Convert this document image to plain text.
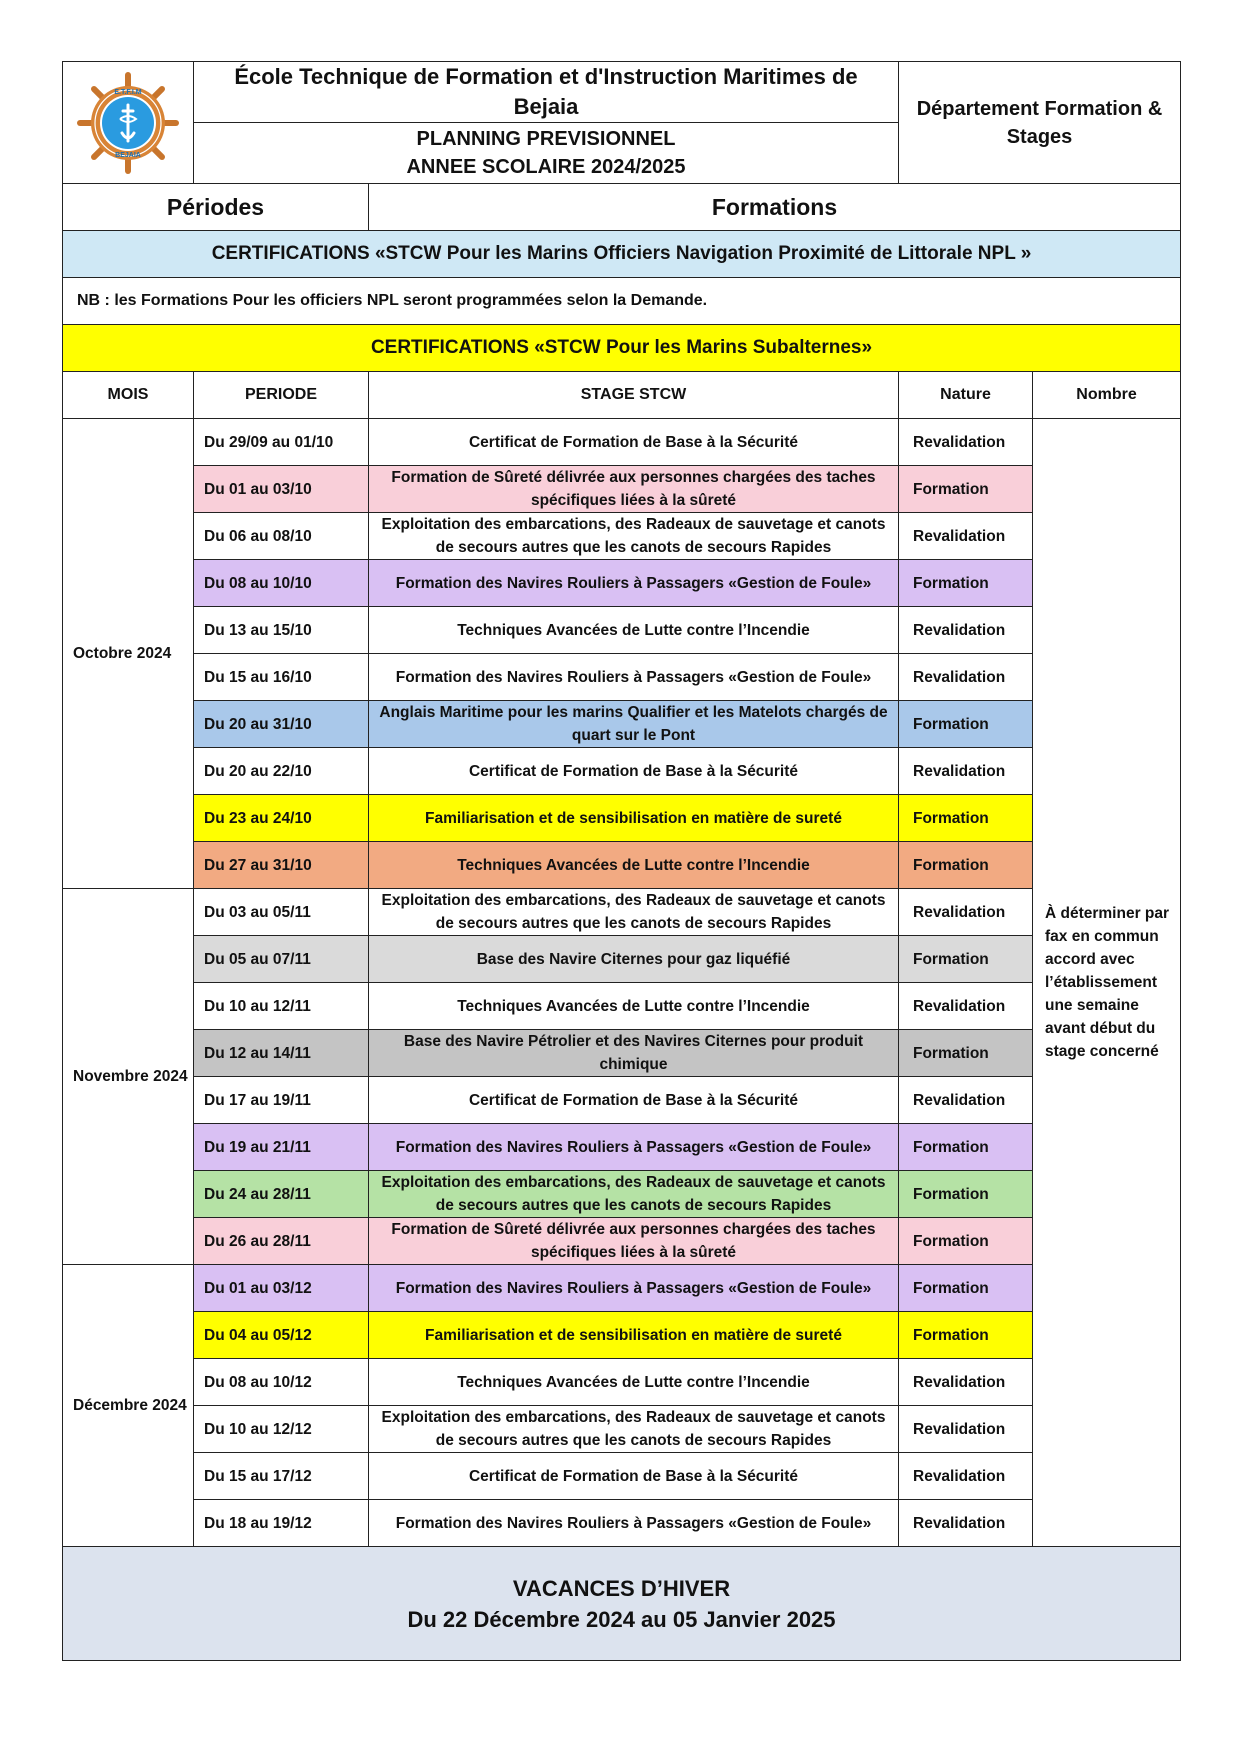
E.T.F.I.M
BEJAIA

École Technique de Formation et d'Instruction Maritimes de
Bejaia	Département Formation &
Stages

PLANNING PREVISIONNEL
ANNEE SCOLAIRE 2024/2025
Périodes		Formations		
CERTIFICATIONS «STCW Pour les Marins Officiers Navigation Proximité de Littorale NPL »				
NB : les Formations Pour les officiers NPL seront programmées selon la Demande.				
CERTIFICATIONS «STCW Pour les Marins Subalternes»				
MOIS	PERIODE	STAGE STCW	Nature	Nombre
Octobre 2024	Du 29/09 au 01/10	Certificat de Formation de Base à la Sécurité	Revalidation	À déterminer par fax en commun accord avec l’établissement une semaine avant début du stage concerné
	Du 01 au 03/10	Formation de Sûreté délivrée aux personnes chargées des taches spécifiques liées à la sûreté	Formation	
	Du 06 au 08/10	Exploitation des embarcations, des Radeaux de sauvetage et canots de secours autres que les canots de secours Rapides	Revalidation	
	Du 08 au 10/10	Formation des Navires Rouliers à Passagers «Gestion de Foule»	Formation	
	Du 13 au 15/10	Techniques Avancées de Lutte contre l’Incendie	Revalidation	
	Du 15 au 16/10	Formation des Navires Rouliers à Passagers «Gestion de Foule»	Revalidation	
	Du 20 au 31/10	Anglais Maritime pour les marins Qualifier et les Matelots chargés de quart sur le Pont	Formation	
	Du 20 au 22/10	Certificat de Formation de Base à la Sécurité	Revalidation	
	Du 23 au 24/10	Familiarisation et de sensibilisation en matière de sureté	Formation	
	Du 27 au 31/10	Techniques Avancées de Lutte contre l’Incendie	Formation	
Novembre 2024	Du 03 au 05/11	Exploitation des embarcations, des Radeaux de sauvetage et canots de secours autres que les canots de secours Rapides	Revalidation	
	Du 05 au 07/11	Base des Navire Citernes pour gaz liquéfié	Formation	
	Du 10 au 12/11	Techniques Avancées de Lutte contre l’Incendie	Revalidation	
	Du 12 au 14/11	Base des Navire Pétrolier et des Navires Citernes pour produit chimique	Formation	
	Du 17 au 19/11	Certificat de Formation de Base à la Sécurité	Revalidation	
	Du 19 au 21/11	Formation des Navires Rouliers à Passagers «Gestion de Foule»	Formation	
	Du 24 au 28/11	Exploitation des embarcations, des Radeaux de sauvetage et canots de secours autres que les canots de secours Rapides	Formation	
	Du 26 au 28/11	Formation de Sûreté délivrée aux personnes chargées des taches spécifiques liées à la sûreté	Formation	
Décembre 2024	Du 01 au 03/12	Formation des Navires Rouliers à Passagers «Gestion de Foule»	Formation	
	Du 04 au 05/12	Familiarisation et de sensibilisation en matière de sureté	Formation	
	Du 08 au 10/12	Techniques Avancées de Lutte contre l’Incendie	Revalidation	
	Du 10 au 12/12	Exploitation des embarcations, des Radeaux de sauvetage et canots de secours autres que les canots de secours Rapides	Revalidation	
	Du 15 au 17/12	Certificat de Formation de Base à la Sécurité	Revalidation	
	Du 18 au 19/12	Formation des Navires Rouliers à Passagers «Gestion de Foule»	Revalidation	

VACANCES D’HIVER
Du 22 Décembre 2024 au 05 Janvier 2025				
